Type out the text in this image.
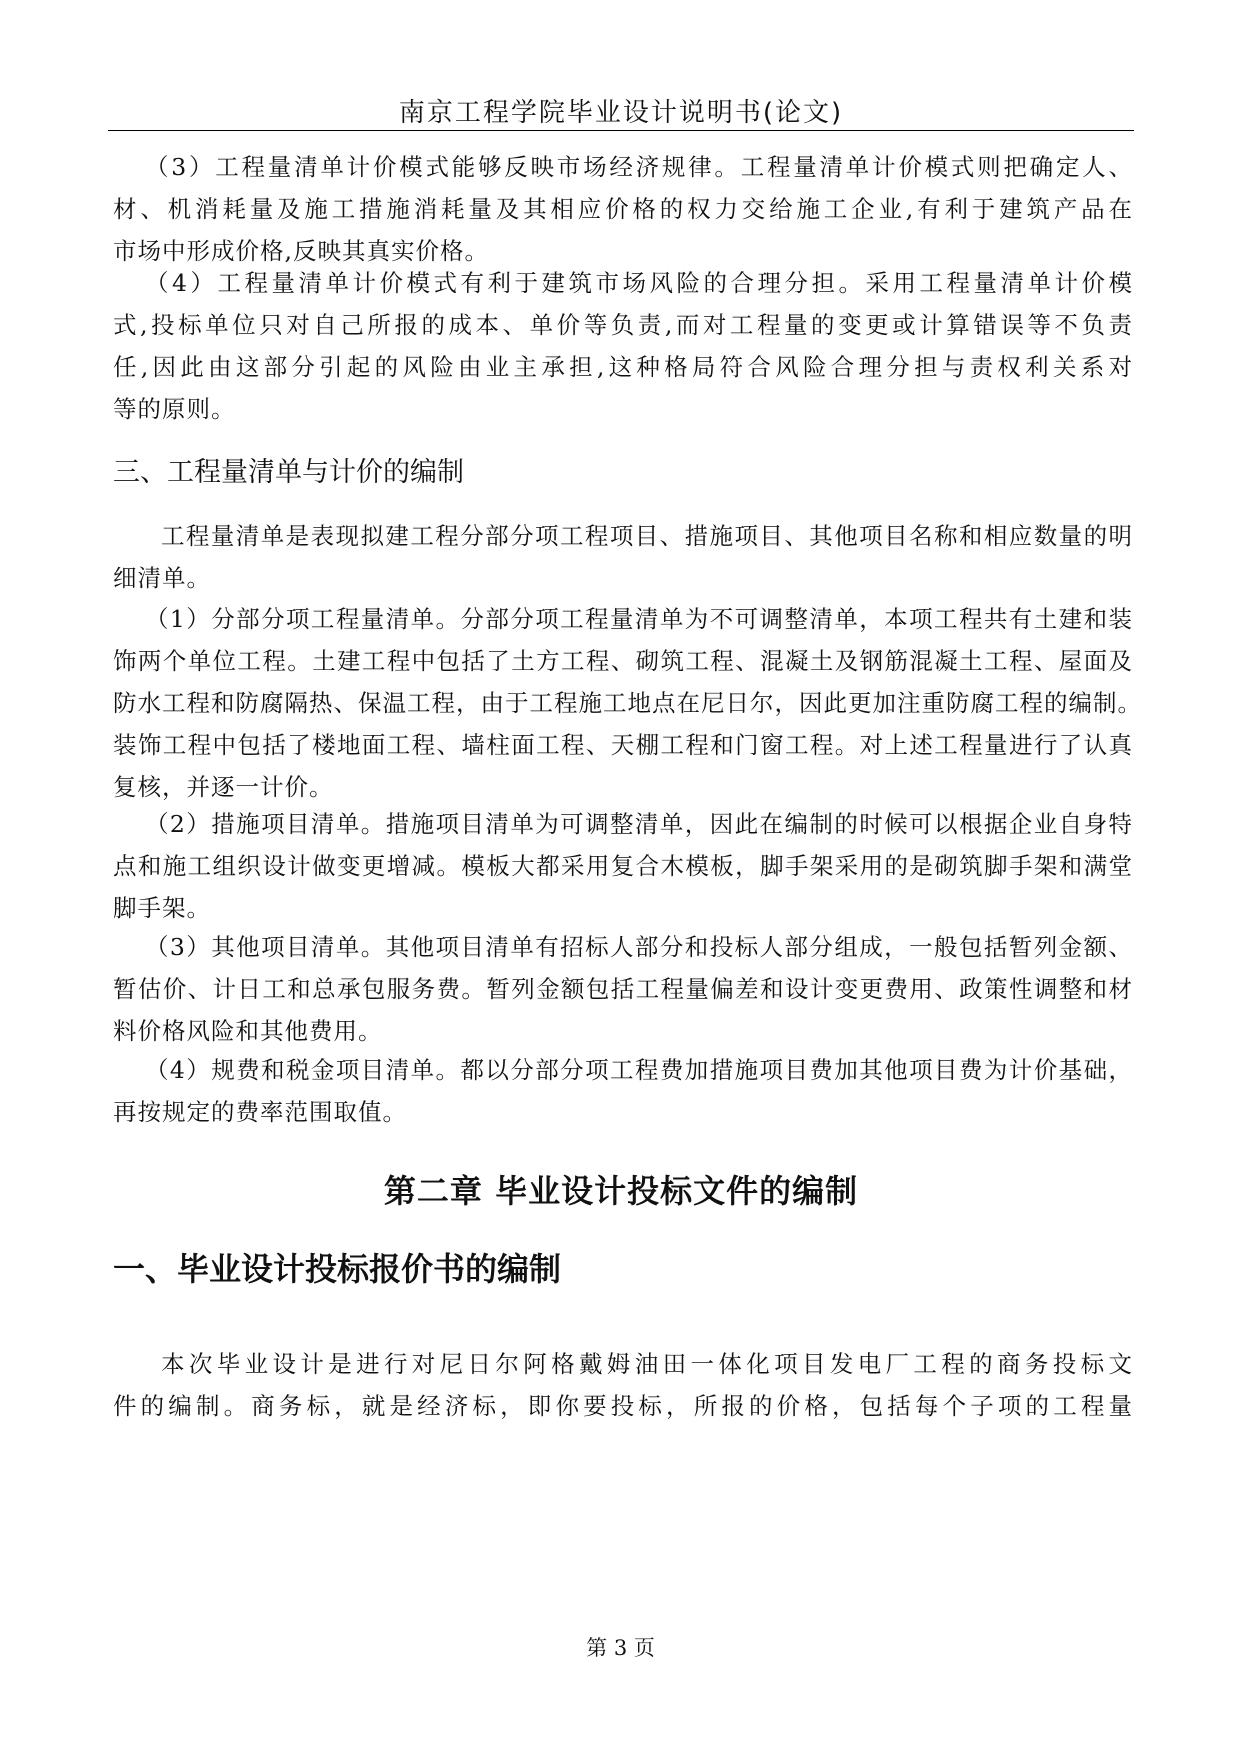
南京工程学院毕业设计说明书(论文)
（3）工程量清单计价模式能够反映市场经济规律。工程量清单计价模式则把确定人、
材、机消耗量及施工措施消耗量及其相应价格的权力交给施工企业,有利于建筑产品在
市场中形成价格,反映其真实价格。
（4）工程量清单计价模式有利于建筑市场风险的合理分担。采用工程量清单计价模
式,投标单位只对自己所报的成本、单价等负责,而对工程量的变更或计算错误等不负责
任,因此由这部分引起的风险由业主承担,这种格局符合风险合理分担与责权利关系对
等的原则。
三、工程量清单与计价的编制
工程量清单是表现拟建工程分部分项工程项目、措施项目、其他项目名称和相应数量的明
细清单。
（1）分部分项工程量清单。分部分项工程量清单为不可调整清单，本项工程共有土建和装
饰两个单位工程。土建工程中包括了土方工程、砌筑工程、混凝土及钢筋混凝土工程、屋面及
防水工程和防腐隔热、保温工程，由于工程施工地点在尼日尔，因此更加注重防腐工程的编制。
装饰工程中包括了楼地面工程、墙柱面工程、天棚工程和门窗工程。对上述工程量进行了认真
复核，并逐一计价。
（2）措施项目清单。措施项目清单为可调整清单，因此在编制的时候可以根据企业自身特
点和施工组织设计做变更增减。模板大都采用复合木模板，脚手架采用的是砌筑脚手架和满堂
脚手架。
（3）其他项目清单。其他项目清单有招标人部分和投标人部分组成，一般包括暂列金额、
暂估价、计日工和总承包服务费。暂列金额包括工程量偏差和设计变更费用、政策性调整和材
料价格风险和其他费用。
（4）规费和税金项目清单。都以分部分项工程费加措施项目费加其他项目费为计价基础，
再按规定的费率范围取值。
第二章 毕业设计投标文件的编制
一、毕业设计投标报价书的编制
本次毕业设计是进行对尼日尔阿格戴姆油田一体化项目发电厂工程的商务投标文
件的编制。商务标，就是经济标，即你要投标，所报的价格，包括每个子项的工程量
第 3 页
